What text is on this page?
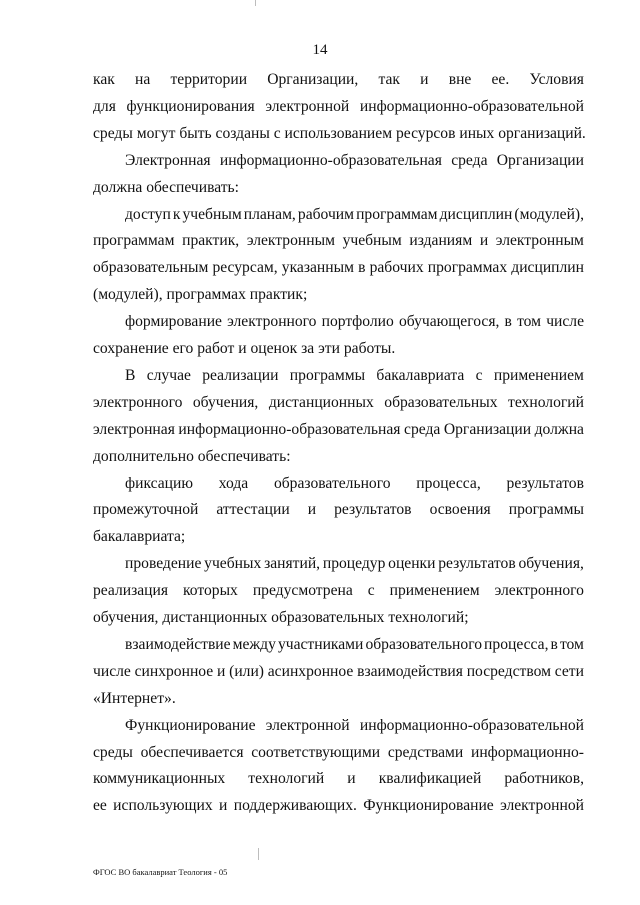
14
как на территории Организации, так и вне ее. Условия
для функционирования электронной информационно-образовательной
среды могут быть созданы с использованием ресурсов иных организаций.
Электронная информационно-образовательная среда Организации
должна обеспечивать:
доступ к учебным планам, рабочим программам дисциплин (модулей),
программам практик, электронным учебным изданиям и электронным
образовательным ресурсам, указанным в рабочих программах дисциплин
(модулей), программах практик;
формирование электронного портфолио обучающегося, в том числе
сохранение его работ и оценок за эти работы.
В случае реализации программы бакалавриата с применением
электронного обучения, дистанционных образовательных технологий
электронная информационно-образовательная среда Организации должна
дополнительно обеспечивать:
фиксацию хода образовательного процесса, результатов
промежуточной аттестации и результатов освоения программы
бакалавриата;
проведение учебных занятий, процедур оценки результатов обучения,
реализация которых предусмотрена с применением электронного
обучения, дистанционных образовательных технологий;
взаимодействие между участниками образовательного процесса, в том
числе синхронное и (или) асинхронное взаимодействия посредством сети
«Интернет».
Функционирование электронной информационно-образовательной
среды обеспечивается соответствующими средствами информационно-
коммуникационных технологий и квалификацией работников,
ее использующих и поддерживающих. Функционирование электронной
ФГОС ВО бакалавриат Теология - 05
